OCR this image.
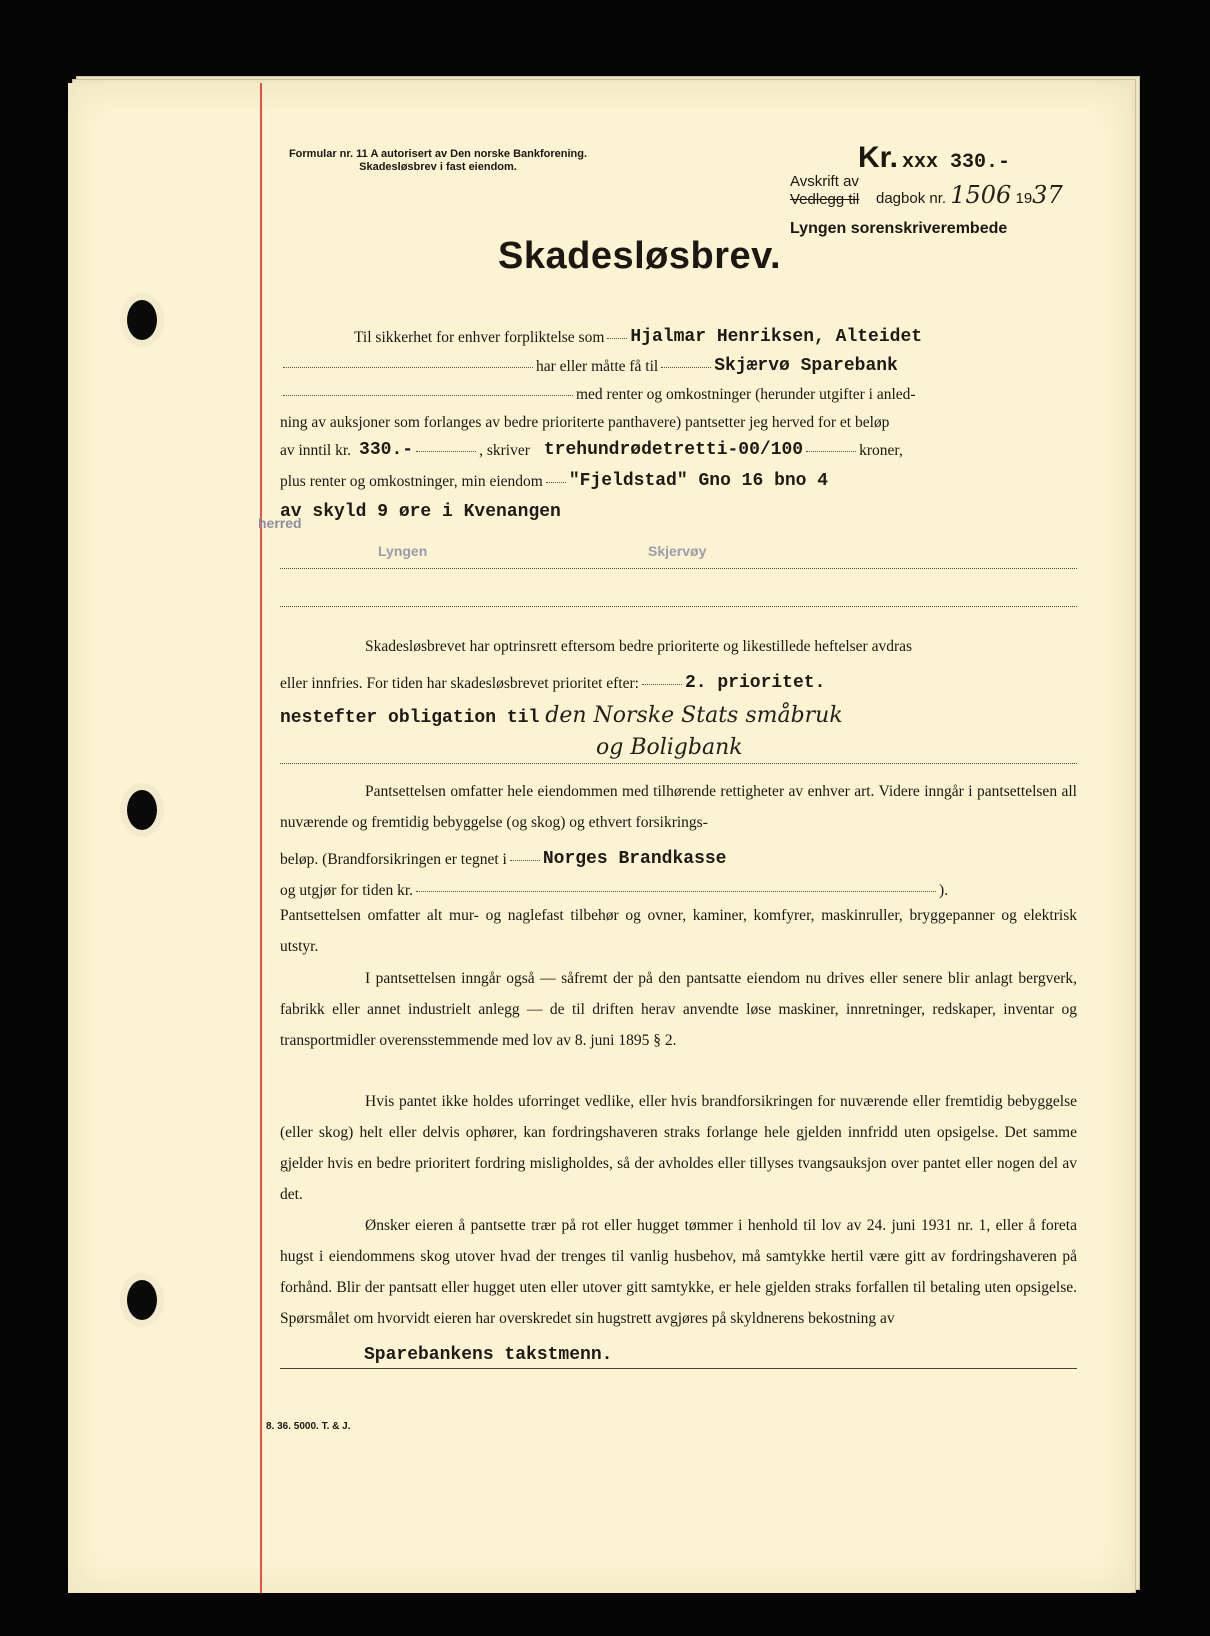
Formular nr. 11 A autorisert av Den norske Bankforening.
Skadesløsbrev i fast eiendom.	Kr. xxx 330.-
Avskrift av
Vedlegg til dagbok nr. 1506 1937
Lyngen sorenskriverembede
Skadesløsbrev.
Til sikkerhet for enhver forpliktelse som Hjalmar Henriksen, Alteidet
har eller måtte få til	Skjærvø Sparebank
med renter og omkostninger (herunder utgifter i anled-
ning av auksjoner som forlanges av bedre prioriterte panthavere) pantsetter jeg herved for et beløp
av inntil kr. 330.-	, skriver trehundrødetretti-00/100	kroner,
plus renter og omkostninger, min eiendom "Fjeldstad" Gno 16 bno 4
av skyld 9 øre i Kvenangen
herred
Lyngen	Skjervøy

Skadesløsbrevet har optrinsrett eftersom bedre prioriterte og likestillede heftelser avdras

eller innfries. For tiden har skadesløsbrevet prioritet efter:	2. prioritet.
nestefter obligation til den Norske Stats småbruk
og Boligbank

Pantsettelsen omfatter hele eiendommen med tilhørende rettigheter av enhver art. Videre inngår i pantsettelsen all nuværende og fremtidig bebyggelse (og skog) og ethvert forsikrings-

beløp. (Brandforsikringen er tegnet i Norges Brandkasse
og utgjør for tiden kr.	).

Pantsettelsen omfatter alt mur- og naglefast tilbehør og ovner, kaminer, komfyrer, maskinruller, bryggepanner og elektrisk utstyr.

I pantsettelsen inngår også — såfremt der på den pantsatte eiendom nu drives eller senere blir anlagt bergverk, fabrikk eller annet industrielt anlegg — de til driften herav anvendte løse maskiner, innretninger, redskaper, inventar og transportmidler overensstemmende med lov av 8. juni 1895 § 2.

Hvis pantet ikke holdes uforringet vedlike, eller hvis brandforsikringen for nuværende eller fremtidig bebyggelse (eller skog) helt eller delvis ophører, kan fordringshaveren straks forlange hele gjelden innfridd uten opsigelse. Det samme gjelder hvis en bedre prioritert fordring misligholdes, så der avholdes eller tillyses tvangsauksjon over pantet eller nogen del av det.

Ønsker eieren å pantsette trær på rot eller hugget tømmer i henhold til lov av 24. juni 1931 nr. 1, eller å foreta hugst i eiendommens skog utover hvad der trenges til vanlig husbehov, må samtykke hertil være gitt av fordringshaveren på forhånd. Blir der pantsatt eller hugget uten eller utover gitt samtykke, er hele gjelden straks forfallen til betaling uten opsigelse. Spørsmålet om hvorvidt eieren har overskredet sin hugstrett avgjøres på skyldnerens bekostning av

Sparebankens takstmenn.
8. 36. 5000. T. & J.
